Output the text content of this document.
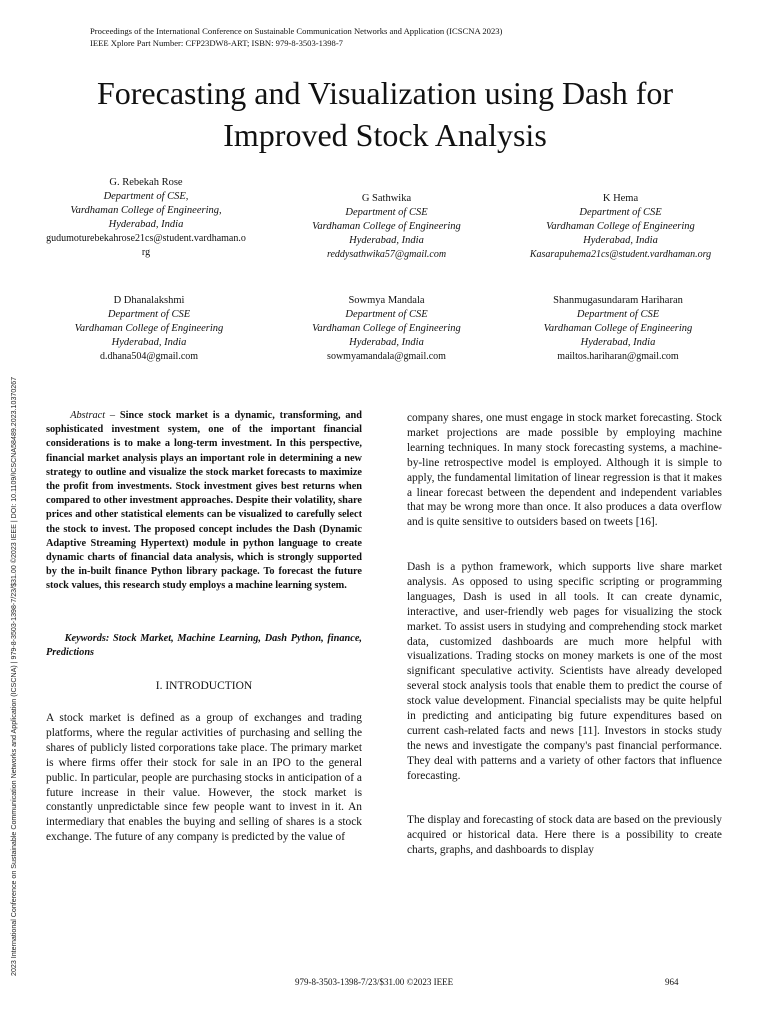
Proceedings of the International Conference on Sustainable Communication Networks and Application (ICSCNA 2023)
IEEE Xplore Part Number: CFP23DW8-ART; ISBN: 979-8-3503-1398-7
Forecasting and Visualization using Dash for
Improved Stock Analysis
2023 International Conference on Sustainable Communication Networks and Application (ICSCNA) | 979-8-3503-1398-7/23/$31.00 ©2023 IEEE | DOI: 10.1109/ICSCNA58489.2023.10370267
G. Rebekah Rose
Department of CSE,
Vardhaman College of Engineering,
Hyderabad, India
gudumoturebekahrose21cs@student.vardhaman.org
G Sathwika
Department of CSE
Vardhaman College of Engineering
Hyderabad, India
reddysathwika57@gmail.com
K Hema
Department of CSE
Vardhaman College of Engineering
Hyderabad, India
Kasarapuhema21cs@student.vardhaman.org
D Dhanalakshmi
Department of CSE
Vardhaman College of Engineering
Hyderabad, India
d.dhana504@gmail.com
Sowmya Mandala
Department of CSE
Vardhaman College of Engineering
Hyderabad, India
sowmyamandala@gmail.com
Shanmugasundaram Hariharan
Department of CSE
Vardhaman College of Engineering
Hyderabad, India
mailtos.hariharan@gmail.com

Abstract – Since stock market is a dynamic, transforming, and sophisticated investment system, one of the important financial considerations is to make a long-term investment. In this perspective, financial market analysis plays an important role in determining a new strategy to outline and visualize the stock market forecasts to maximize the profit from investments. Stock investment gives best returns when compared to other investment approaches. Despite their volatility, share prices and other statistical elements can be visualized to carefully select the stock to invest. The proposed concept includes the Dash (Dynamic Adaptive Streaming Hypertext) module in python language to create dynamic charts of financial data analysis, which is strongly supported by the in-built finance Python library package. To forecast the future stock values, this research study employs a machine learning system.

Keywords: Stock Market, Machine Learning, Dash Python, finance, Predictions

I. INTRODUCTION

A stock market is defined as a group of exchanges and trading platforms, where the regular activities of purchasing and selling the shares of publicly listed corporations take place. The primary market is where firms offer their stock for sale in an IPO to the general public. In particular, people are purchasing stocks in anticipation of a future increase in their value. However, the stock market is constantly unpredictable since few people want to invest in it. An intermediary that enables the buying and selling of shares is a stock exchange. The future of any company is predicted by the value of

company shares, one must engage in stock market forecasting. Stock market projections are made possible by employing machine learning techniques. In many stock forecasting systems, a machine-by-line retrospective model is employed. Although it is simple to apply, the fundamental limitation of linear regression is that it makes a linear forecast between the dependent and independent variables that may be wrong more than once. It also produces a data overflow and is quite sensitive to outsiders based on tweets [16].

Dash is a python framework, which supports live share market analysis. As opposed to using specific scripting or programming languages, Dash is used in all tools. It can create dynamic, interactive, and user-friendly web pages for visualizing the stock market. To assist users in studying and comprehending stock market data, customized dashboards are much more helpful with visualizations. Trading stocks on money markets is one of the most significant speculative activity. Scientists have already developed several stock analysis tools that enable them to predict the course of stock value development. Financial specialists may be quite helpful in predicting and anticipating big future expenditures based on current cash-related facts and news [11]. Investors in stocks study the news and investigate the company's past financial performance. They deal with patterns and a variety of other factors that influence forecasting.

The display and forecasting of stock data are based on the previously acquired or historical data. Here there is a possibility to create charts, graphs, and dashboards to display

979-8-3503-1398-7/23/$31.00 ©2023 IEEE	964
